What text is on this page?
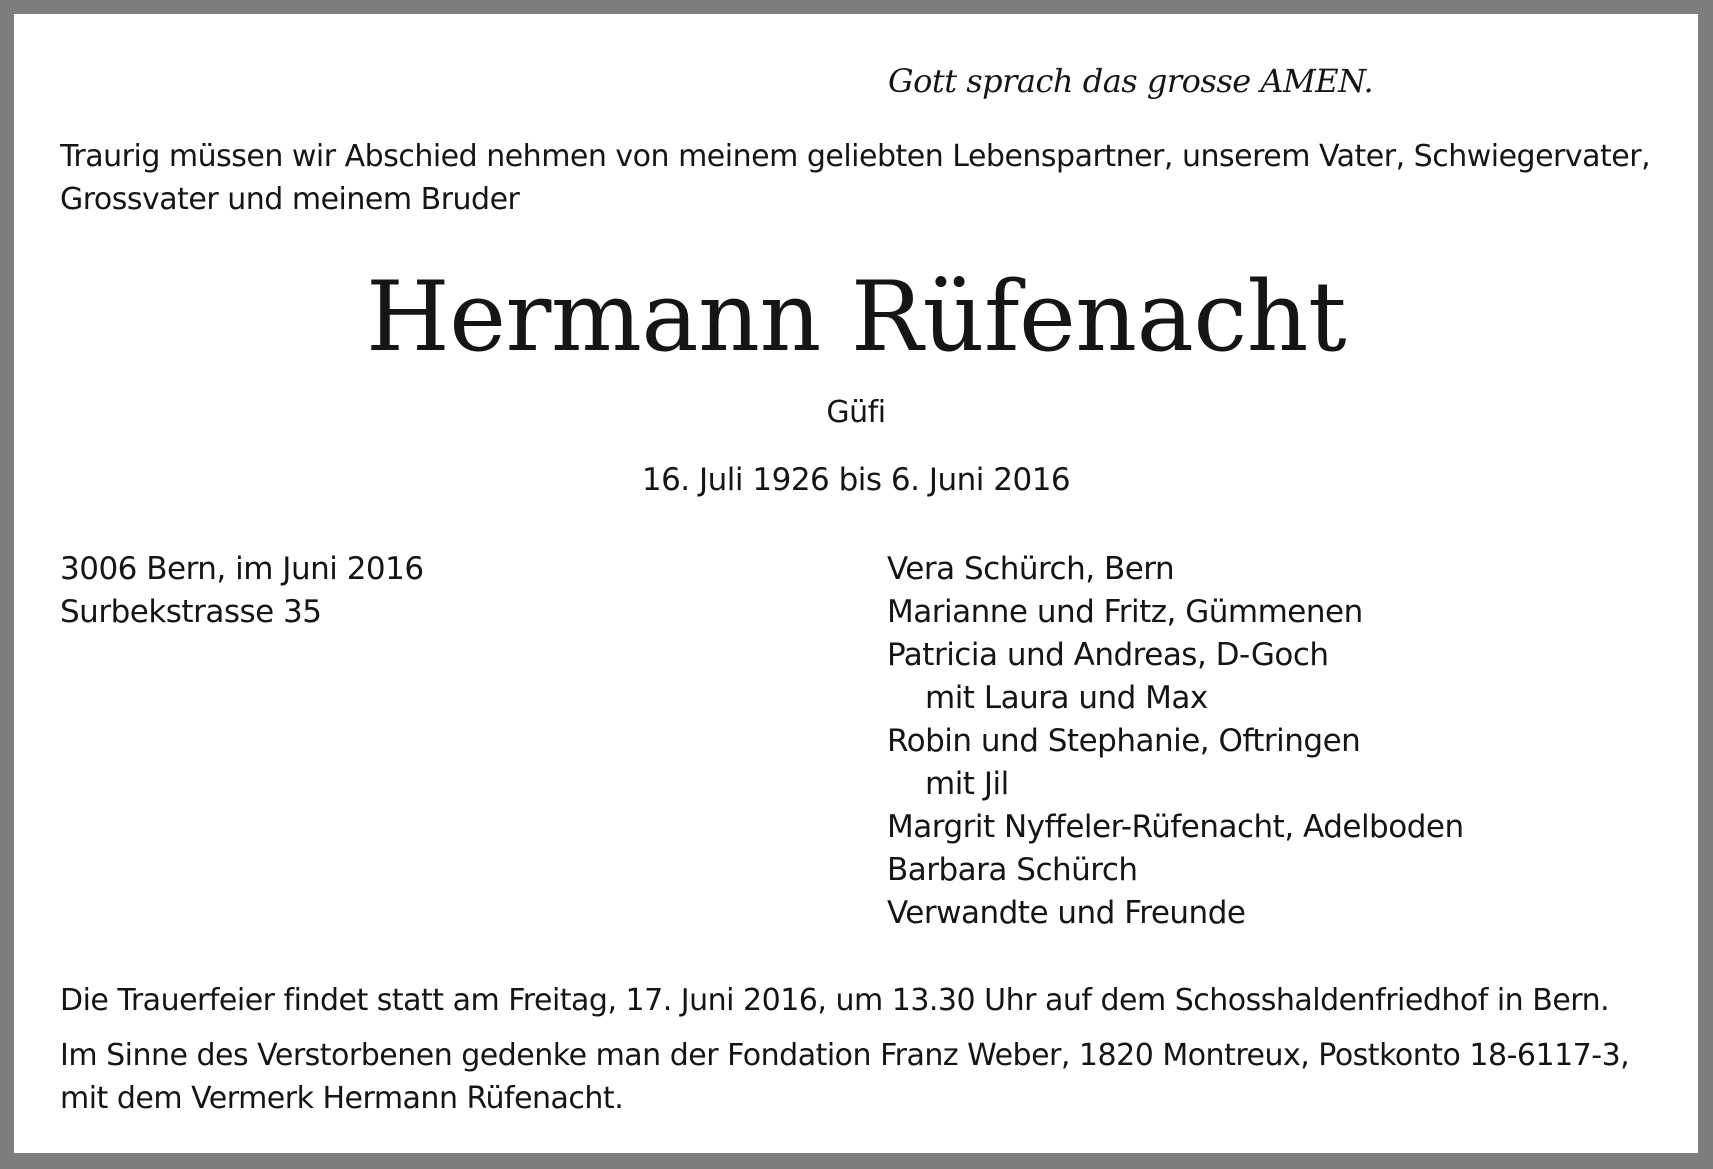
Gott sprach das grosse AMEN.
Traurig müssen wir Abschied nehmen von meinem geliebten Lebenspartner, unserem Vater, Schwiegervater,
Grossvater und meinem Bruder
Hermann Rüfenacht
Güfi
16. Juli 1926 bis 6. Juni 2016
3006 Bern, im Juni 2016
Surbekstrasse 35
Vera Schürch, Bern
Marianne und Fritz, Gümmenen
Patricia und Andreas, D-Goch
mit Laura und Max
Robin und Stephanie, Oftringen
mit Jil
Margrit Nyffeler-Rüfenacht, Adelboden
Barbara Schürch
Verwandte und Freunde
Die Trauerfeier findet statt am Freitag, 17. Juni 2016, um 13.30 Uhr auf dem Schosshaldenfriedhof in Bern.
Im Sinne des Verstorbenen gedenke man der Fondation Franz Weber, 1820 Montreux, Postkonto 18-6117-3,
mit dem Vermerk Hermann Rüfenacht.
